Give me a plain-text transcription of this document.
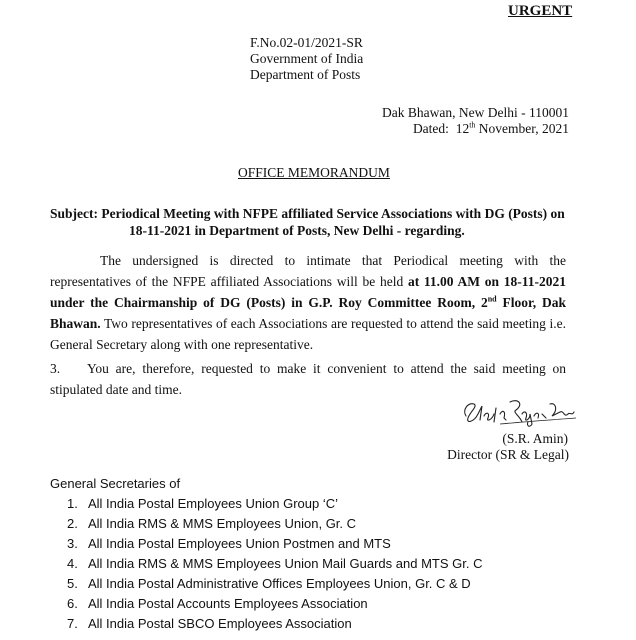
URGENT
F.No.02-01/2021-SR
Government of India
Department of Posts
Dak Bhawan, New Delhi - 110001
Dated: 12th November, 2021
OFFICE MEMORANDUM
Subject: Periodical Meeting with NFPE affiliated Service Associations with DG (Posts) on
18-11-2021 in Department of Posts, New Delhi - regarding.
The undersigned is directed to intimate that Periodical meeting with the representatives of the NFPE affiliated Associations will be held at 11.00 AM on 18-11-2021 under the Chairmanship of DG (Posts) in G.P. Roy Committee Room, 2nd Floor, Dak Bhawan. Two representatives of each Associations are requested to attend the said meeting i.e. General Secretary along with one representative.
3. You are, therefore, requested to make it convenient to attend the said meeting on stipulated date and time.
(S.R. Amin)
Director (SR & Legal)
General Secretaries of
1. All India Postal Employees Union Group ‘C’
2. All India RMS & MMS Employees Union, Gr. C
3. All India Postal Employees Union Postmen and MTS
4. All India RMS & MMS Employees Union Mail Guards and MTS Gr. C
5. All India Postal Administrative Offices Employees Union, Gr. C & D
6. All India Postal Accounts Employees Association
7. All India Postal SBCO Employees Association
